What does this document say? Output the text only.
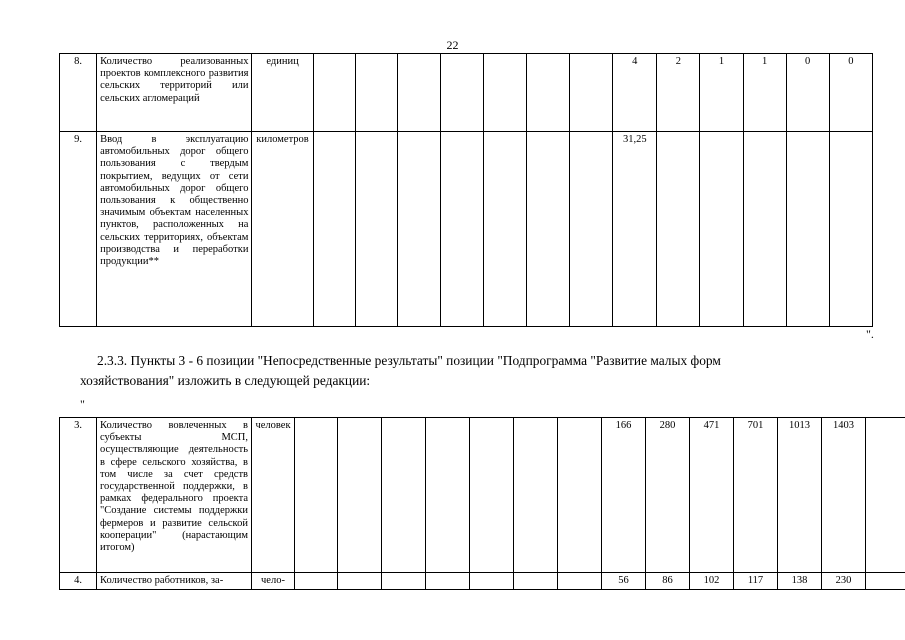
22
8.	Количество реализованных проектов комплексного развития сельских территорий или сельских агломераций	единиц								4	2	1	1	0	0
9.	Ввод в эксплуатацию автомобильных дорог общего пользования с твердым покрытием, ведущих от сети автомобильных дорог общего пользования к общественно значимым объектам населенных пунктов, расположенных на сельских территориях, объектам производства и переработки продукции**	километров								31,25					
".
2.3.3. Пункты 3 - 6 позиции "Непосредственные результаты" позиции "Подпрограмма "Развитие малых форм
хозяйствования" изложить в следующей редакции:
"
3.	Количество вовлеченных в субъекты МСП, осуществляющие деятельность в сфере сельского хозяйства, в том числе за счет средств государственной поддержки, в рамках федерального проекта "Создание системы поддержки фермеров и развитие сельской кооперации" (нарастающим итогом)	человек								166	280	471	701	1013	1403	
4.	Количество работников, за-	чело-								56	86	102	117	138	230	
